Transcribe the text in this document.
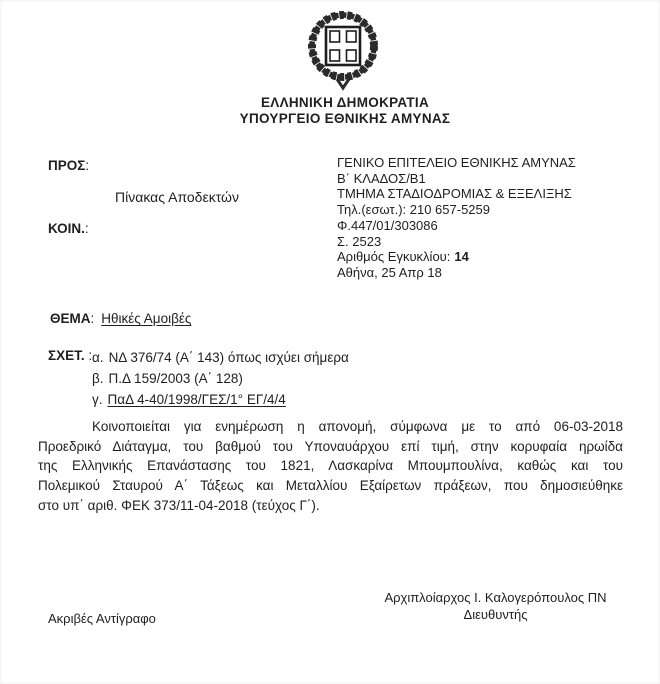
ΕΛΛΗΝΙΚΗ ΔΗΜΟΚΡΑΤΙΑ
ΥΠΟΥΡΓΕΙΟ ΕΘΝΙΚΗΣ ΑΜΥΝΑΣ
ΠΡΟΣ:
Πίνακας Αποδεκτών
ΚΟΙΝ.:
ΓΕΝΙΚΟ ΕΠΙΤΕΛΕΙΟ ΕΘΝΙΚΗΣ ΑΜΥΝΑΣ
Β΄ ΚΛΑΔΟΣ/Β1
ΤΜΗΜΑ ΣΤΑΔΙΟΔΡΟΜΙΑΣ & ΕΞΕΛΙΞΗΣ
Τηλ.(εσωτ.): 210 657-5259
Φ.447/01/303086
Σ. 2523
Αριθμός Εγκυκλίου: 14
Αθήνα, 25 Απρ 18
ΘΕΜΑ: Ηθικές Αμοιβές
ΣΧΕΤ. : α. ΝΔ 376/74 (Α΄ 143) όπως ισχύει σήμερα
β. Π.Δ 159/2003 (Α΄ 128)
γ. ΠαΔ 4-40/1998/ΓΕΣ/1° ΕΓ/4/4
Κοινοποιείται για ενημέρωση η απονομή, σύμφωνα με το από 06-03-2018
Προεδρικό Διάταγμα, του βαθμού του Υποναυάρχου επί τιμή, στην κορυφαία ηρωίδα
της Ελληνικής Επανάστασης του 1821, Λασκαρίνα Μπουμπουλίνα, καθώς και του
Πολεμικού Σταυρού Α΄ Τάξεως και Μεταλλίου Εξαίρετων πράξεων, που δημοσιεύθηκε
στο υπ΄ αριθ. ΦΕΚ 373/11-04-2018 (τεύχος Γ΄).
Αρχιπλοίαρχος Ι. Καλογερόπουλος ΠΝ
Διευθυντής
Ακριβές Αντίγραφο
